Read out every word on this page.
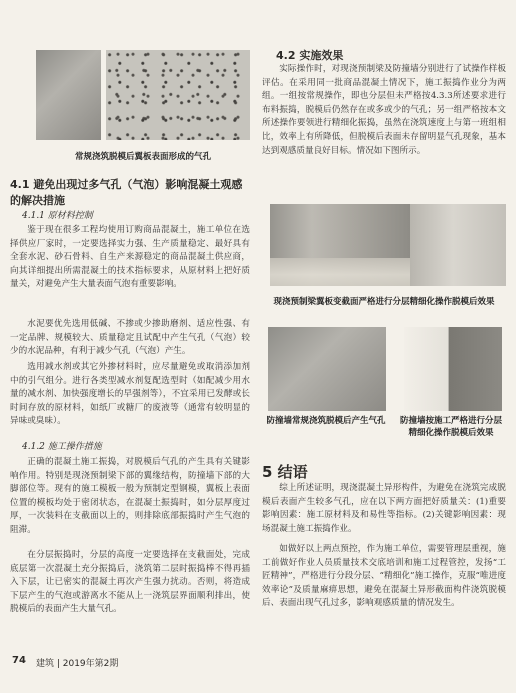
常规浇筑脱模后翼板表面形成的气孔
4.1 避免出现过多气孔（气泡）影响混凝土观感的解决措施
4.1.1 原材料控制
鉴于现在很多工程均使用订购商品混凝土，施工单位在选择供应厂家时，一定要选择实力强、生产质量稳定、最好具有全套水泥、砂石骨料、自生产来源稳定的商品混凝土供应商，向其详细提出所需混凝土的技术指标要求，从原材料上把好质量关，对避免产生大量表面气泡有重要影响。
水泥要优先选用低碱、不掺或少掺助磨剂、适应性强、有一定品牌、规模较大、质量稳定且试配中产生气孔（气泡）较少的水泥品种，有利于减少气孔（气泡）产生。
选用减水剂或其它外掺材料时，应尽量避免或取消添加剂中的引气组分。进行各类型减水剂复配选型时（如配减少用水量的减水剂、加快强度增长的早强剂等），不宜采用已发酵或长时间存放的原材料，如纸厂或糖厂的废液等（通常有较明显的异味或臭味）。
4.1.2 施工操作措施
正确的混凝土施工振捣，对脱模后气孔的产生具有关键影响作用。特别是现浇预制梁下部的翼缘结构，防撞墙下部的大脚部位等。现有的施工模板一般为预制定型钢模，翼板上表面位置的模板均处于密闭状态，在混凝土振捣时，如分层厚度过厚，一次装料在支截面以上的，则排除底部振捣时产生气泡的阻滞。
在分层振捣时，分层的高度一定要选择在支截面处，完成底层第一次混凝土充分振捣后，浇筑第二层时振捣棒不得再插入下层，让已密实的混凝土再次产生强力扰动。否则，将造成下层产生的气泡或游离水不能从上一浇筑层界面顺利排出，使脱模后的表面产生大量气孔。
4.2 实施效果
实际操作时，对现浇预制梁及防撞墙分别进行了试操作样板评估。在采用同一批商品混凝土情况下，施工振捣作业分为两组。一组按常规操作，即也分层但未严格按4.3.3所述要求进行布料振捣，脱模后仍然存在或多或少的气孔；另一组严格按本文所述操作要领进行精细化振捣，虽然在浇筑速度上与第一班组相比，效率上有所降低，但脱模后表面未存留明显气孔现象，基本达到观感质量良好目标。情况如下图所示。
现浇预制梁翼板变截面严格进行分层精细化操作脱模后效果
防撞墙常规浇筑脱模后产生气孔	防撞墙按施工严格进行分层精细化操作脱模后效果
5 结语
综上所述证明，现浇混凝土异形构件，为避免在浇筑完成脱模后表面产生较多气孔，应在以下两方面把好质量关：(1)重要影响因素：施工原材料及和易性等指标。(2)关键影响因素：现场混凝土施工振捣作业。
如做好以上两点预控，作为施工单位，需要管理层重视，施工前做好作业人员质量技术交底培训和施工过程管控，发扬“工匠精神”，严格进行分段分层、“精细化”施工操作，克服“唯进度效率论”及质量麻痹思想，避免在混凝土异形截面构件浇筑脱模后、表面出现气孔过多，影响观感质量的情况发生。
74 建筑 | 2019年第2期
